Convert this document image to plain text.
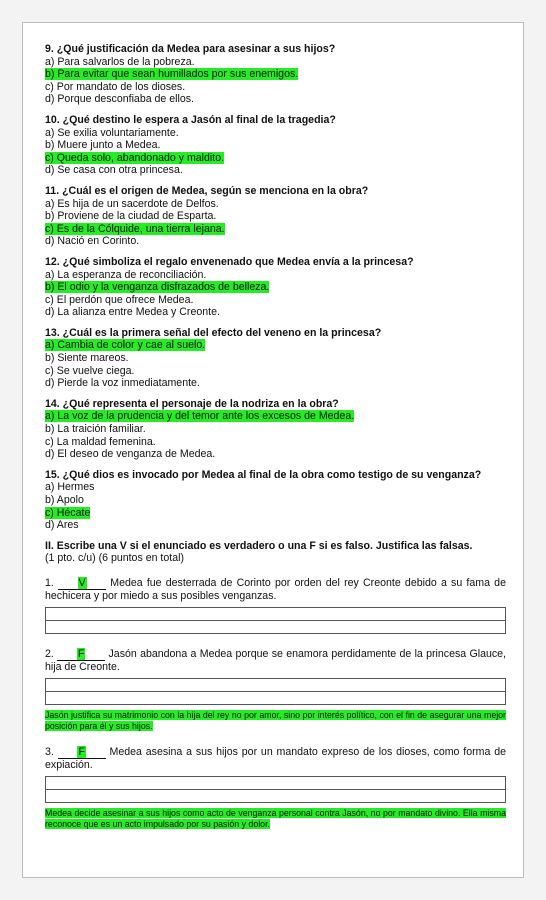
9. ¿Qué justificación da Medea para asesinar a sus hijos?

a) Para salvarlos de la pobreza.

b) Para evitar que sean humillados por sus enemigos.

c) Por mandato de los dioses.

d) Porque desconfiaba de ellos.

10. ¿Qué destino le espera a Jasón al final de la tragedia?

a) Se exilia voluntariamente.

b) Muere junto a Medea.

c) Queda solo, abandonado y maldito.

d) Se casa con otra princesa.

11. ¿Cuál es el origen de Medea, según se menciona en la obra?

a) Es hija de un sacerdote de Delfos.

b) Proviene de la ciudad de Esparta.

c) Es de la Cólquide, una tierra lejana.

d) Nació en Corinto.

12. ¿Qué simboliza el regalo envenenado que Medea envía a la princesa?

a) La esperanza de reconciliación.

b) El odio y la venganza disfrazados de belleza.

c) El perdón que ofrece Medea.

d) La alianza entre Medea y Creonte.

13. ¿Cuál es la primera señal del efecto del veneno en la princesa?

a) Cambia de color y cae al suelo.

b) Siente mareos.

c) Se vuelve ciega.

d) Pierde la voz inmediatamente.

14. ¿Qué representa el personaje de la nodriza en la obra?

a) La voz de la prudencia y del temor ante los excesos de Medea.

b) La traición familiar.

c) La maldad femenina.

d) El deseo de venganza de Medea.

15. ¿Qué dios es invocado por Medea al final de la obra como testigo de su venganza?

a) Hermes

b) Apolo

c) Hécate

d) Ares

II. Escribe una V si el enunciado es verdadero o una F si es falso. Justifica las falsas.

(1 pto. c/u) (6 puntos en total)

1. V Medea fue desterrada de Corinto por orden del rey Creonte debido a su fama de hechicera y por miedo a sus posibles venganzas.

2. F Jasón abandona a Medea porque se enamora perdidamente de la princesa Glauce, hija de Creonte.

Jasón justifica su matrimonio con la hija del rey no por amor, sino por interés político, con el fin de asegurar una mejor posición para él y sus hijos.

3. F Medea asesina a sus hijos por un mandato expreso de los dioses, como forma de expiación.

Medea decide asesinar a sus hijos como acto de venganza personal contra Jasón, no por mandato divino. Ella misma reconoce que es un acto impulsado por su pasión y dolor.
